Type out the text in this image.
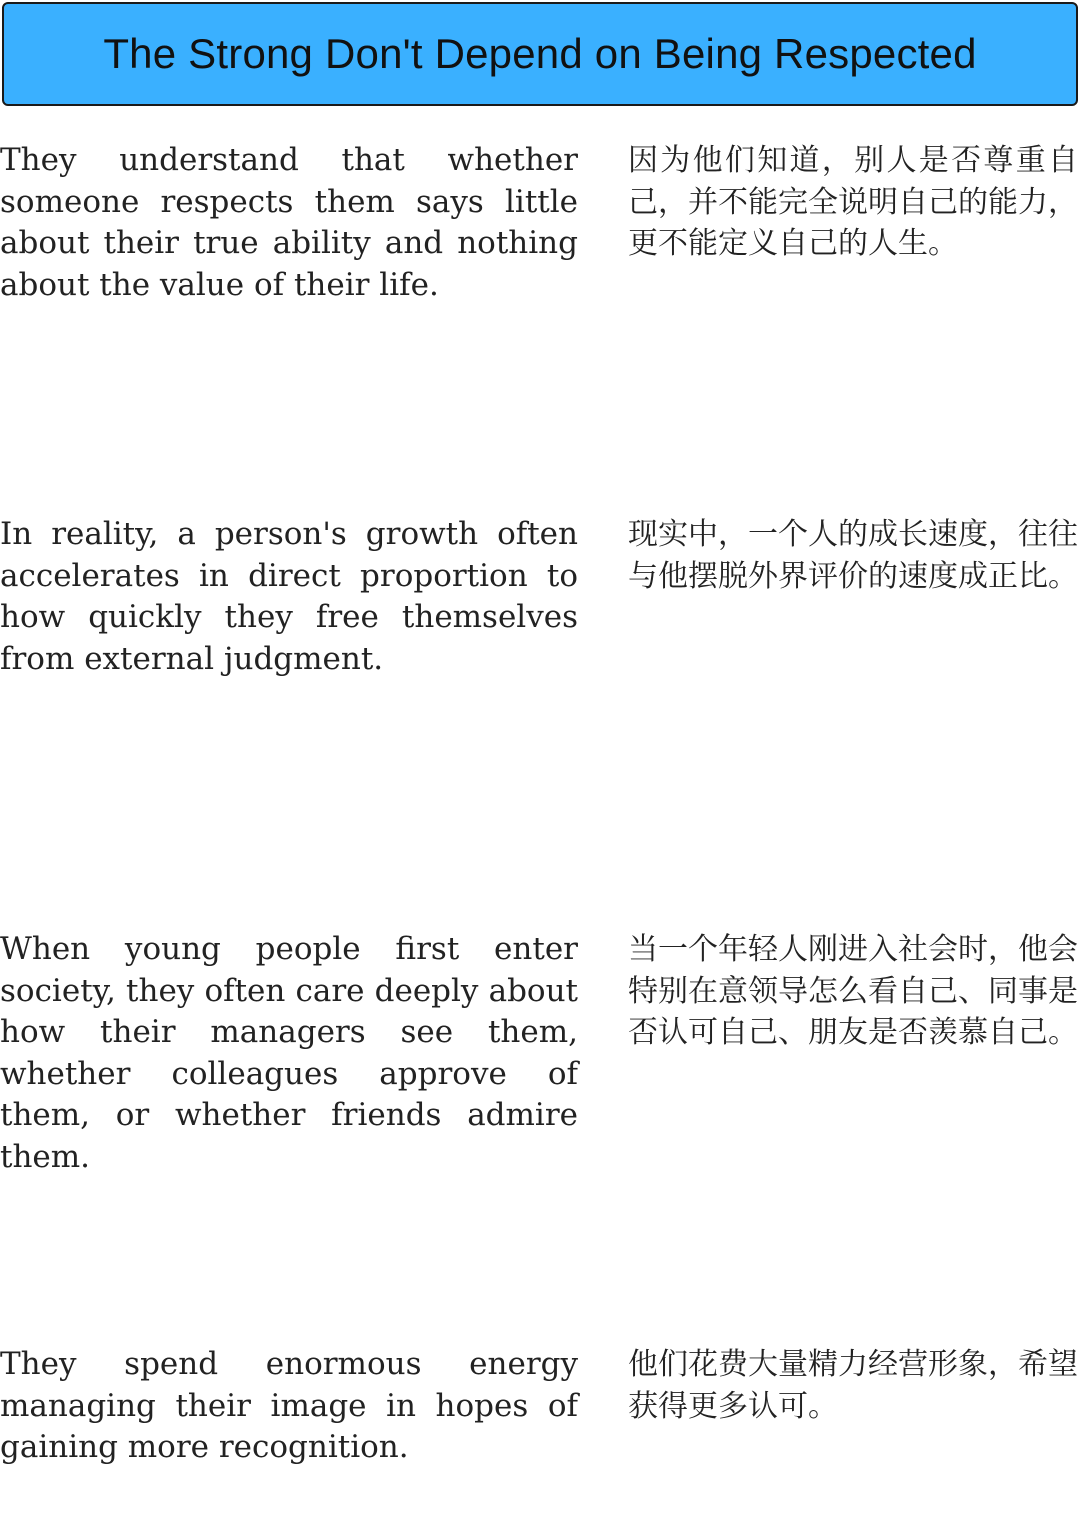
The Strong Don't Depend on Being Respected

They understand that whether someone respects them says little about their true ability and nothing about the value of their life.

因为他们知道，别人是否尊重自己，并不能完全说明自己的能力，更不能定义自己的人生。

In reality, a person's growth often accelerates in direct proportion to how quickly they free themselves from external judgment.

现实中，一个人的成长速度，往往与他摆脱外界评价的速度成正比。

When young people first enter society, they often care deeply about how their managers see them, whether colleagues approve of them, or whether friends admire them.

当一个年轻人刚进入社会时，他会特别在意领导怎么看自己、同事是否认可自己、朋友是否羡慕自己。

They spend enormous energy managing their image in hopes of gaining more recognition.

他们花费大量精力经营形象，希望获得更多认可。
